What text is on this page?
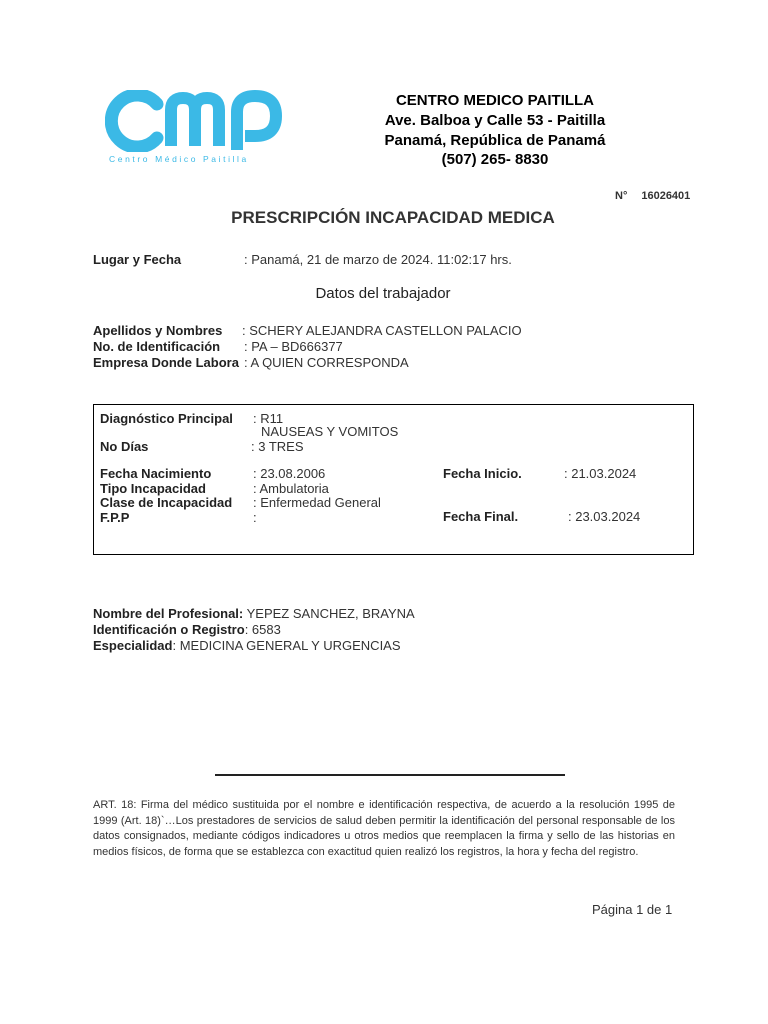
Centro Médico Paitilla
CENTRO MEDICO PAITILLA
Ave. Balboa y Calle 53 - Paitilla
Panamá, República de Panamá
(507) 265- 8830
N° 16026401
PRESCRIPCIÓN INCAPACIDAD MEDICA
Lugar y Fecha	: Panamá, 21 de marzo de 2024. 11:02:17 hrs.
Datos del trabajador
Apellidos y Nombres : SCHERY ALEJANDRA CASTELLON PALACIO
No. de Identificación : PA – BD666377
Empresa Donde Labora : A QUIEN CORRESPONDA
Diagnóstico Principal : R11
NAUSEAS Y VOMITOS
No Días	: 3 TRES
Fecha Nacimiento	: 23.08.2006
Tipo Incapacidad	: Ambulatoria
Clase de Incapacidad : Enfermedad General
F.P.P	:
Fecha Inicio.	: 21.03.2024
Fecha Final.	: 23.03.2024
Nombre del Profesional: YEPEZ SANCHEZ, BRAYNA
Identificación o Registro: 6583
Especialidad: MEDICINA GENERAL Y URGENCIAS
ART. 18: Firma del médico sustituida por el nombre e identificación respectiva, de acuerdo a la resolución 1995 de 1999 (Art. 18)`…Los prestadores de servicios de salud deben permitir la identificación del personal responsable de los datos consignados, mediante códigos indicadores u otros medios que reemplacen la firma y sello de las historias en medios físicos, de forma que se establezca con exactitud quien realizó los registros, la hora y fecha del registro.
Página 1 de 1
